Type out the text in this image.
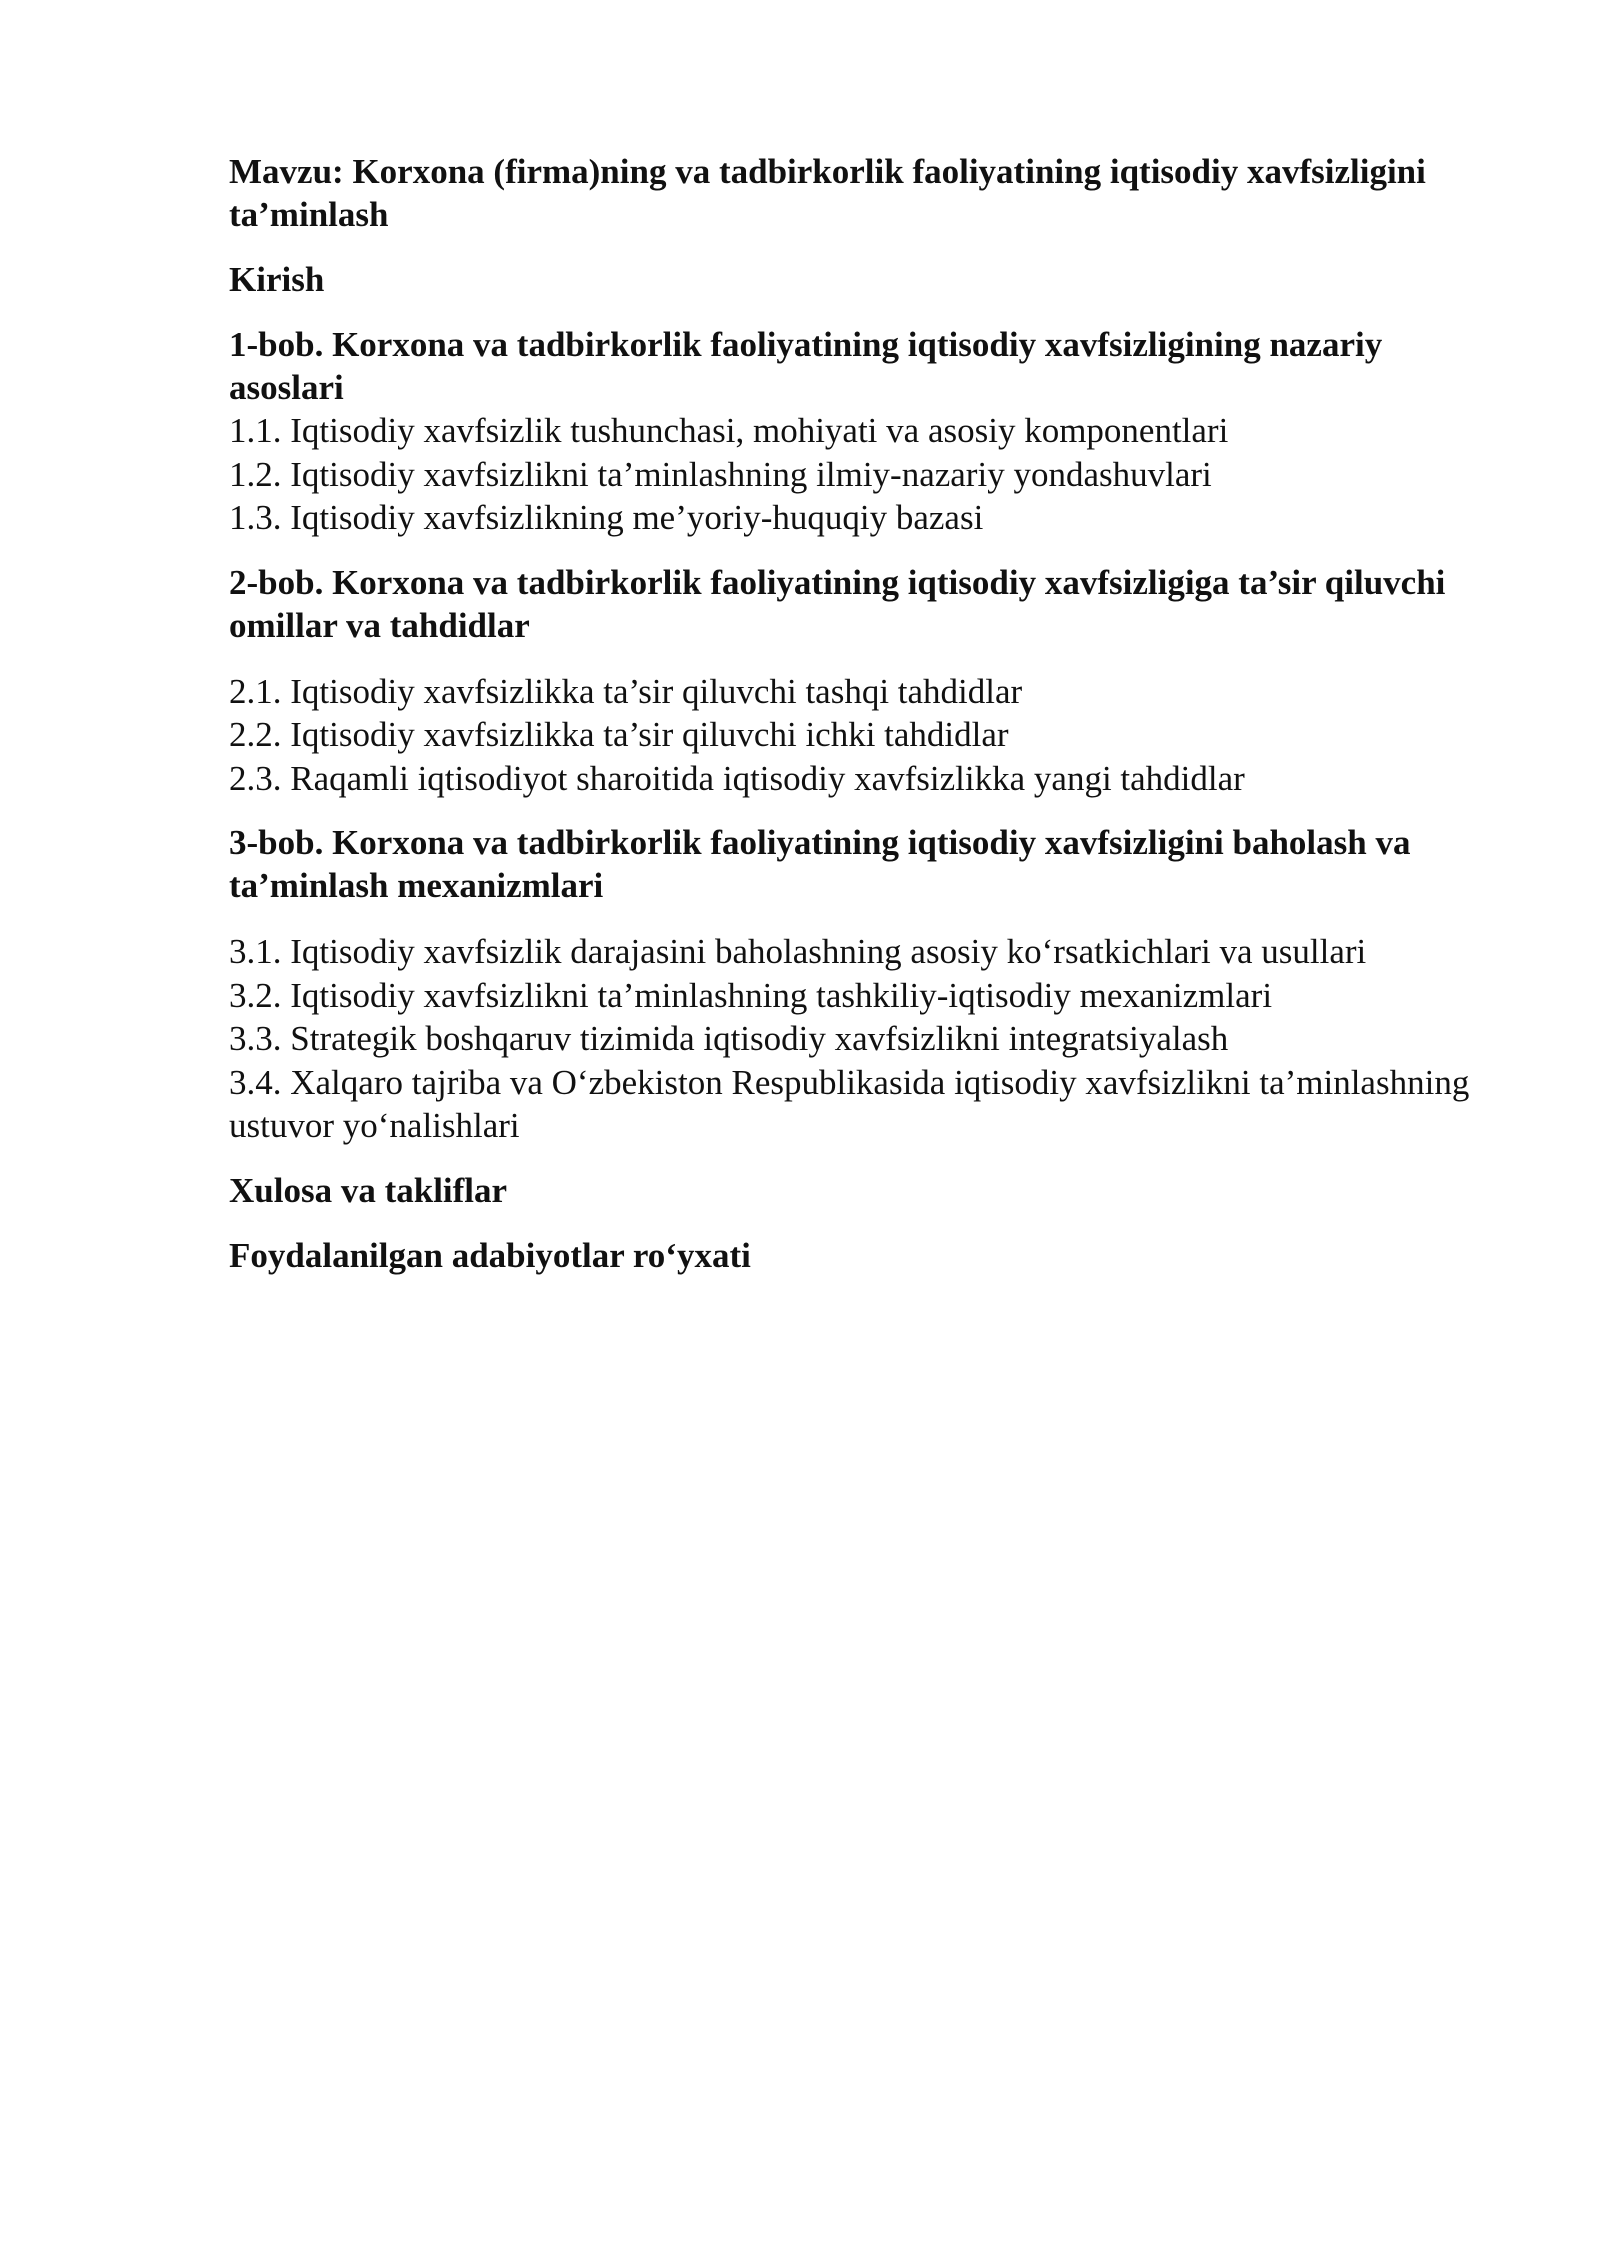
Mavzu: Korxona (firma)ning va tadbirkorlik faoliyatining iqtisodiy xavfsizligini ta’minlash

Kirish

1-bob. Korxona va tadbirkorlik faoliyatining iqtisodiy xavfsizligining nazariy asoslari

1.1. Iqtisodiy xavfsizlik tushunchasi, mohiyati va asosiy komponentlari

1.2. Iqtisodiy xavfsizlikni ta’minlashning ilmiy-nazariy yondashuvlari

1.3. Iqtisodiy xavfsizlikning me’yoriy-huquqiy bazasi

2-bob. Korxona va tadbirkorlik faoliyatining iqtisodiy xavfsizligiga ta’sir qiluvchi omillar va tahdidlar

2.1. Iqtisodiy xavfsizlikka ta’sir qiluvchi tashqi tahdidlar

2.2. Iqtisodiy xavfsizlikka ta’sir qiluvchi ichki tahdidlar

2.3. Raqamli iqtisodiyot sharoitida iqtisodiy xavfsizlikka yangi tahdidlar

3-bob. Korxona va tadbirkorlik faoliyatining iqtisodiy xavfsizligini baholash va ta’minlash mexanizmlari

3.1. Iqtisodiy xavfsizlik darajasini baholashning asosiy ko‘rsatkichlari va usullari

3.2. Iqtisodiy xavfsizlikni ta’minlashning tashkiliy-iqtisodiy mexanizmlari

3.3. Strategik boshqaruv tizimida iqtisodiy xavfsizlikni integratsiyalash

3.4. Xalqaro tajriba va O‘zbekiston Respublikasida iqtisodiy xavfsizlikni ta’minlashning ustuvor yo‘nalishlari

Xulosa va takliflar

Foydalanilgan adabiyotlar ro‘yxati
